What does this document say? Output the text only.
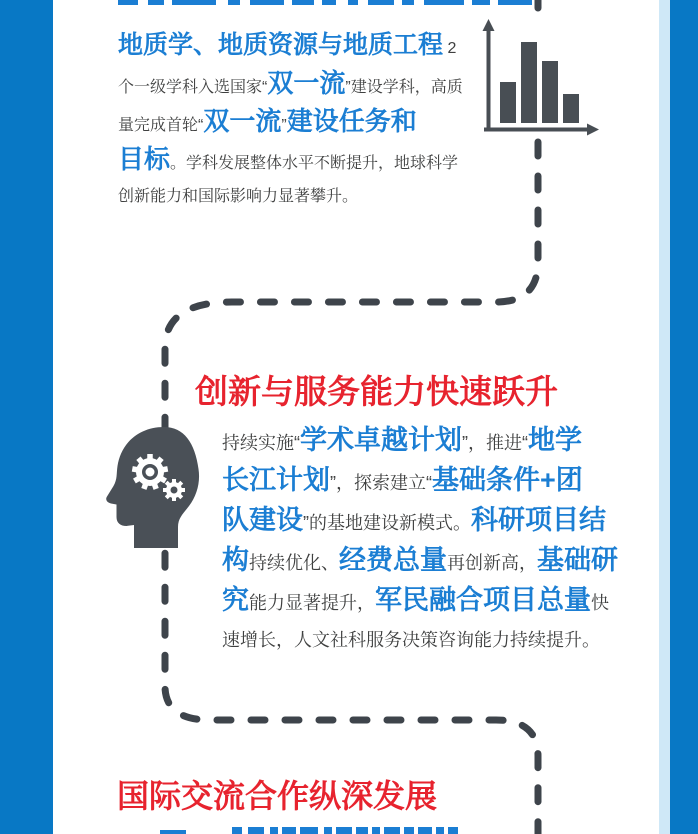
地质学、地质资源与地质工程 2
个一级学科入选国家“双一流”建设学科，高质
量完成首轮“双一流”建设任务和
目标。学科发展整体水平不断提升，地球科学
创新能力和国际影响力显著攀升。
创新与服务能力快速跃升
持续实施“学术卓越计划”，推进“地学
长江计划”，探索建立“基础条件+团
队建设”的基地建设新模式。科研项目结
构持续优化、经费总量再创新高，基础研
究能力显著提升，军民融合项目总量快
速增长，人文社科服务决策咨询能力持续提升。
国际交流合作纵深发展
